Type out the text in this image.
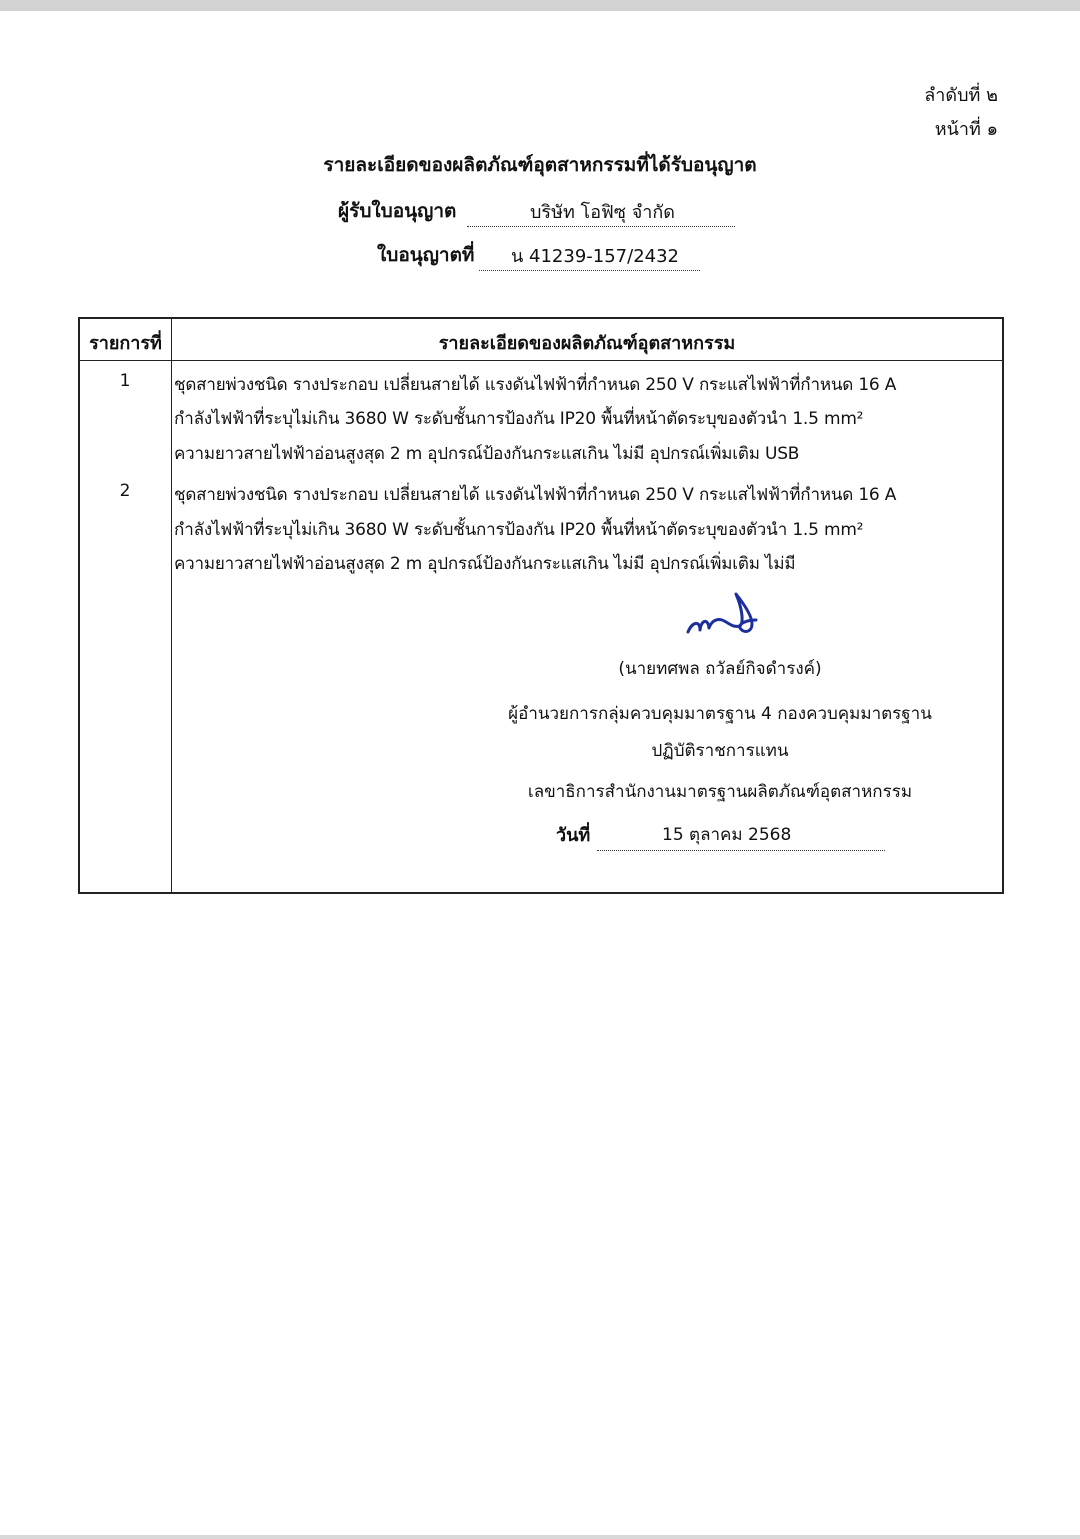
ลำดับที่ ๒
หน้าที่ ๑
รายละเอียดของผลิตภัณฑ์อุตสาหกรรมที่ได้รับอนุญาต
ผู้รับใบอนุญาต	บริษัท โอฟิซุ จำกัด
ใบอนุญาตที่ น 41239-157/2432
รายการที่	รายละเอียดของผลิตภัณฑ์อุตสาหกรรม
1	ชุดสายพ่วงชนิด รางประกอบ เปลี่ยนสายได้ แรงดันไฟฟ้าที่กำหนด 250 V กระแสไฟฟ้าที่กำหนด 16 A
กำลังไฟฟ้าที่ระบุไม่เกิน 3680 W ระดับชั้นการป้องกัน IP20 พื้นที่หน้าตัดระบุของตัวนำ 1.5 mm²
ความยาวสายไฟฟ้าอ่อนสูงสุด 2 m อุปกรณ์ป้องกันกระแสเกิน ไม่มี อุปกรณ์เพิ่มเติม USB
2	ชุดสายพ่วงชนิด รางประกอบ เปลี่ยนสายได้ แรงดันไฟฟ้าที่กำหนด 250 V กระแสไฟฟ้าที่กำหนด 16 A
กำลังไฟฟ้าที่ระบุไม่เกิน 3680 W ระดับชั้นการป้องกัน IP20 พื้นที่หน้าตัดระบุของตัวนำ 1.5 mm²
ความยาวสายไฟฟ้าอ่อนสูงสุด 2 m อุปกรณ์ป้องกันกระแสเกิน ไม่มี อุปกรณ์เพิ่มเติม ไม่มี
(นายทศพล ถวัลย์กิจดำรงค์)
ผู้อำนวยการกลุ่มควบคุมมาตรฐาน 4 กองควบคุมมาตรฐาน
ปฏิบัติราชการแทน
เลขาธิการสำนักงานมาตรฐานผลิตภัณฑ์อุตสาหกรรม
วันที่	15 ตุลาคม 2568
